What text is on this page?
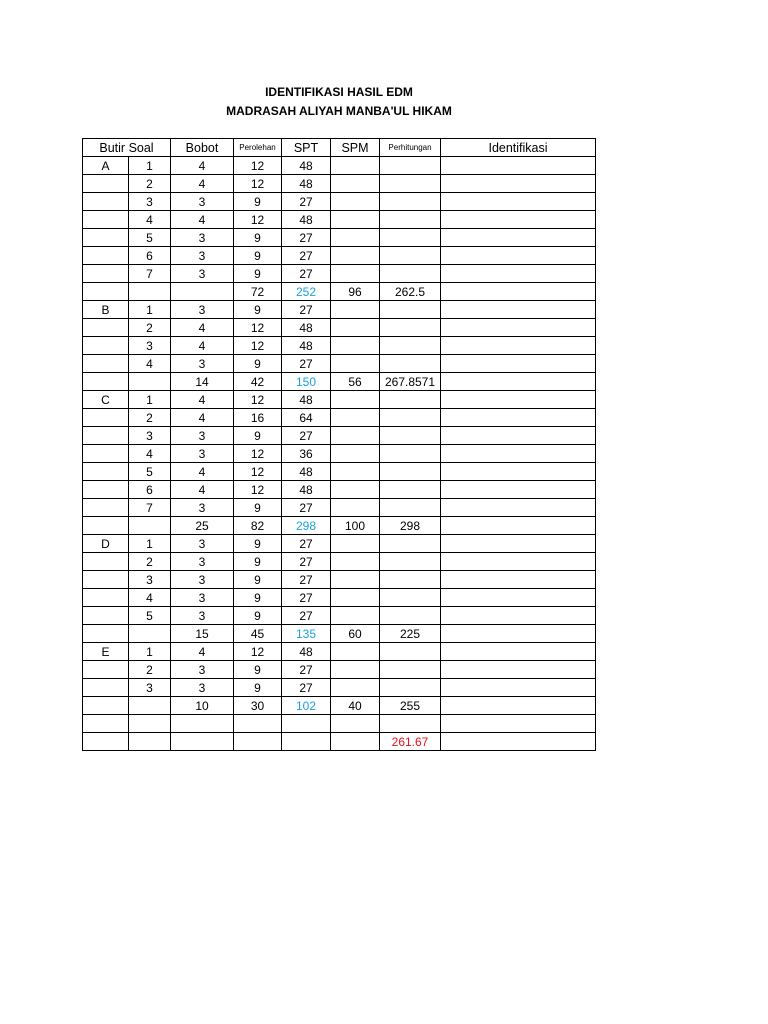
IDENTIFIKASI HASIL EDM
MADRASAH ALIYAH MANBA'UL HIKAM
Butir Soal		Bobot	Perolehan	SPT	SPM	Perhitungan	Identifikasi
A	1	4	12	48			
	2	4	12	48			
	3	3	9	27			
	4	4	12	48			
	5	3	9	27			
	6	3	9	27			
	7	3	9	27			
			72	252	96	262.5	
B	1	3	9	27			
	2	4	12	48			
	3	4	12	48			
	4	3	9	27			
		14	42	150	56	267.8571	
C	1	4	12	48			
	2	4	16	64			
	3	3	9	27			
	4	3	12	36			
	5	4	12	48			
	6	4	12	48			
	7	3	9	27			
		25	82	298	100	298	
D	1	3	9	27			
	2	3	9	27			
	3	3	9	27			
	4	3	9	27			
	5	3	9	27			
		15	45	135	60	225	
E	1	4	12	48			
	2	3	9	27			
	3	3	9	27			
		10	30	102	40	255	

						261.67	
